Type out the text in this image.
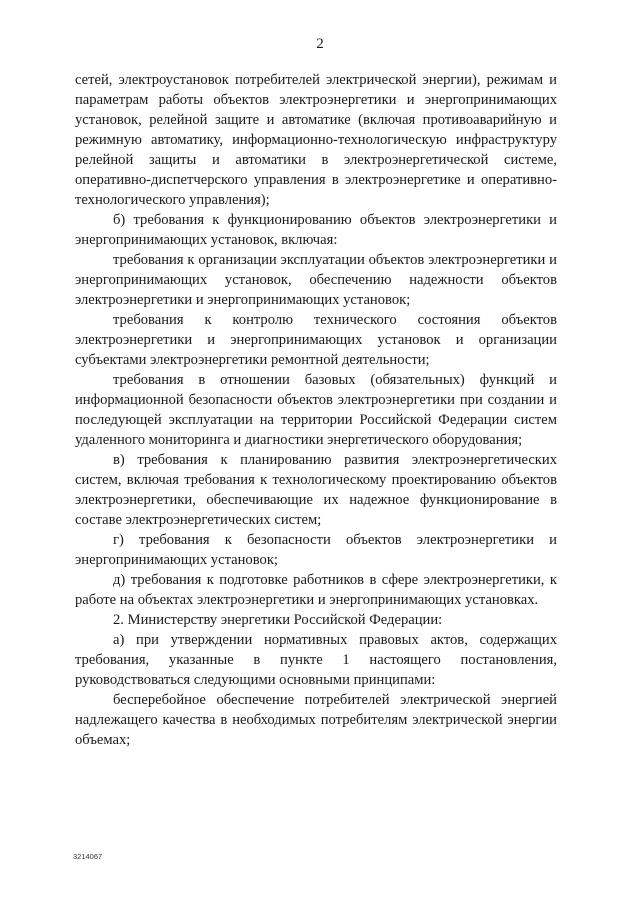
2

сетей, электроустановок потребителей электрической энергии), режимам и параметрам работы объектов электроэнергетики и энергопринимающих установок, релейной защите и автоматике (включая противоаварийную и режимную автоматику, информационно-технологическую инфраструктуру релейной защиты и автоматики в электроэнергетической системе, оперативно-диспетчерского управления в электроэнергетике и оперативно-технологического управления);

б) требования к функционированию объектов электроэнергетики и энергопринимающих установок, включая:

требования к организации эксплуатации объектов электроэнергетики и энергопринимающих установок, обеспечению надежности объектов электроэнергетики и энергопринимающих установок;

требования к контролю технического состояния объектов электроэнергетики и энергопринимающих установок и организации субъектами электроэнергетики ремонтной деятельности;

требования в отношении базовых (обязательных) функций и информационной безопасности объектов электроэнергетики при создании и последующей эксплуатации на территории Российской Федерации систем удаленного мониторинга и диагностики энергетического оборудования;

в) требования к планированию развития электроэнергетических систем, включая требования к технологическому проектированию объектов электроэнергетики, обеспечивающие их надежное функционирование в составе электроэнергетических систем;

г) требования к безопасности объектов электроэнергетики и энергопринимающих установок;

д) требования к подготовке работников в сфере электроэнергетики, к работе на объектах электроэнергетики и энергопринимающих установках.

2. Министерству энергетики Российской Федерации:

а) при утверждении нормативных правовых актов, содержащих требования, указанные в пункте 1 настоящего постановления, руководствоваться следующими основными принципами:

бесперебойное обеспечение потребителей электрической энергией надлежащего качества в необходимых потребителям электрической энергии объемах;

3214067
